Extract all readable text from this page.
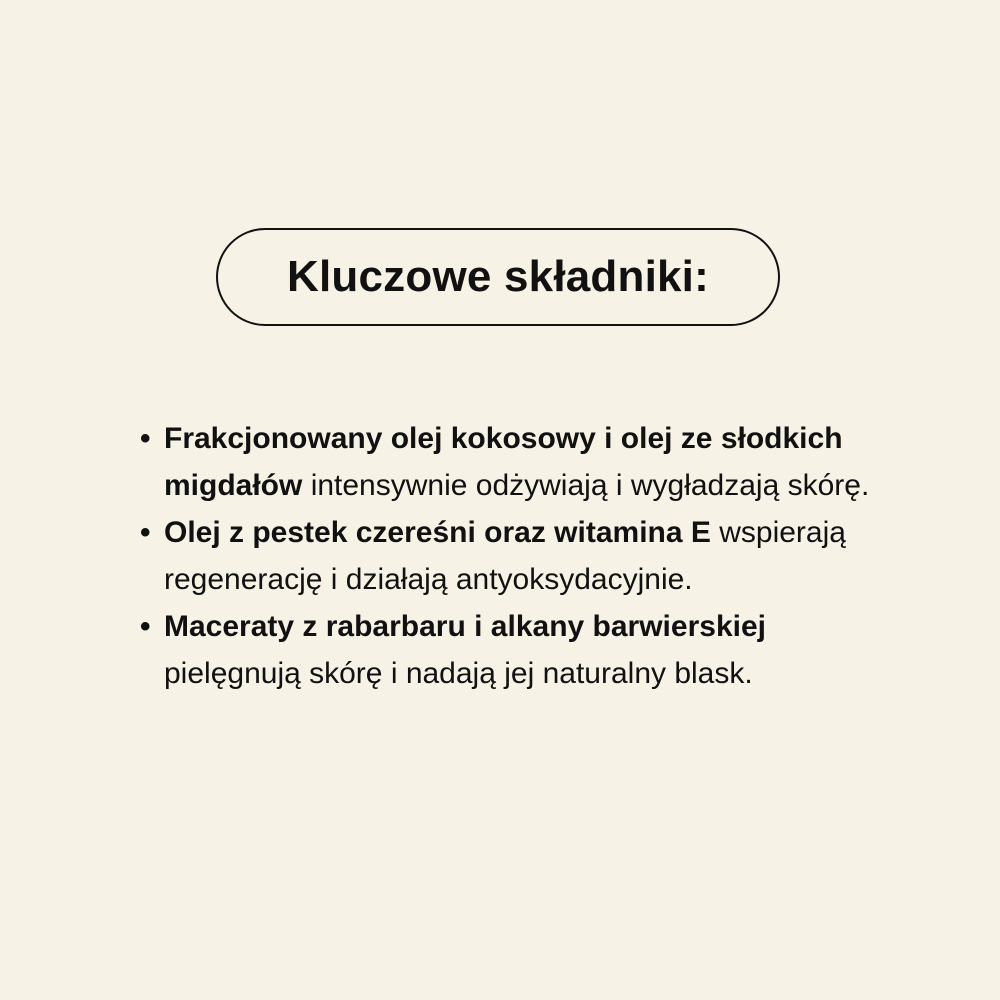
Kluczowe składniki:
• Frakcjonowany olej kokosowy i olej ze słodkich migdałów intensywnie odżywiają i wygładzają skórę.
• Olej z pestek czereśni oraz witamina E wspierają regenerację i działają antyoksydacyjnie.
• Maceraty z rabarbaru i alkany barwierskiej pielęgnują skórę i nadają jej naturalny blask.
